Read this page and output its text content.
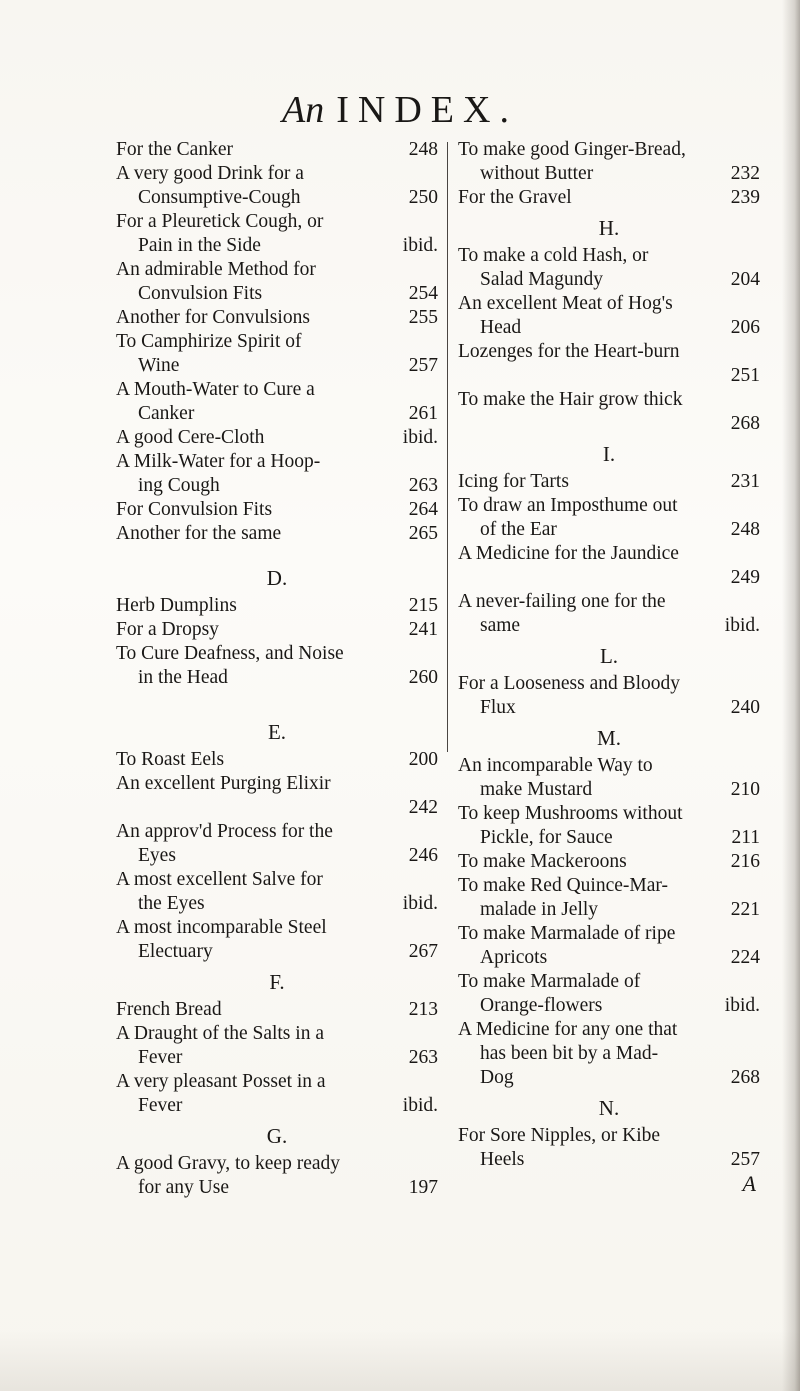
An INDEX.
For the Canker	248
A very good Drink for a
Consumptive-Cough	250
For a Pleuretick Cough, or
Pain in the Side	ibid.
An admirable Method for
Convulsion Fits	254
Another for Convulsions	255
To Camphirize Spirit of
Wine	257
A Mouth-Water to Cure a
Canker	261
A good Cere-Cloth	ibid.
A Milk-Water for a Hoop-
ing Cough	263
For Convulsion Fits	264
Another for the same	265
D.
Herb Dumplins	215
For a Dropsy	241
To Cure Deafness, and Noise
in the Head	260
E.
To Roast Eels	200
An excellent Purging Elixir
242
An approv'd Process for the
Eyes	246
A most excellent Salve for
the Eyes	ibid.
A most incomparable Steel
Electuary	267
F.
French Bread	213
A Draught of the Salts in a
Fever	263
A very pleasant Posset in a
Fever	ibid.
G.
A good Gravy, to keep ready
for any Use	197
To make good Ginger-Bread,
without Butter	232
For the Gravel	239
H.
To make a cold Hash, or
Salad Magundy	204
An excellent Meat of Hog's
Head	206
Lozenges for the Heart-burn
251
To make the Hair grow thick
268
I.
Icing for Tarts	231
To draw an Imposthume out
of the Ear	248
A Medicine for the Jaundice
249
A never-failing one for the
same	ibid.
L.
For a Looseness and Bloody
Flux	240
M.
An incomparable Way to
make Mustard	210
To keep Mushrooms without
Pickle, for Sauce	211
To make Mackeroons	216
To make Red Quince-Mar-
malade in Jelly	221
To make Marmalade of ripe
Apricots	224
To make Marmalade of
Orange-flowers	ibid.
A Medicine for any one that
has been bit by a Mad-
Dog	268
N.
For Sore Nipples, or Kibe
Heels	257
A
